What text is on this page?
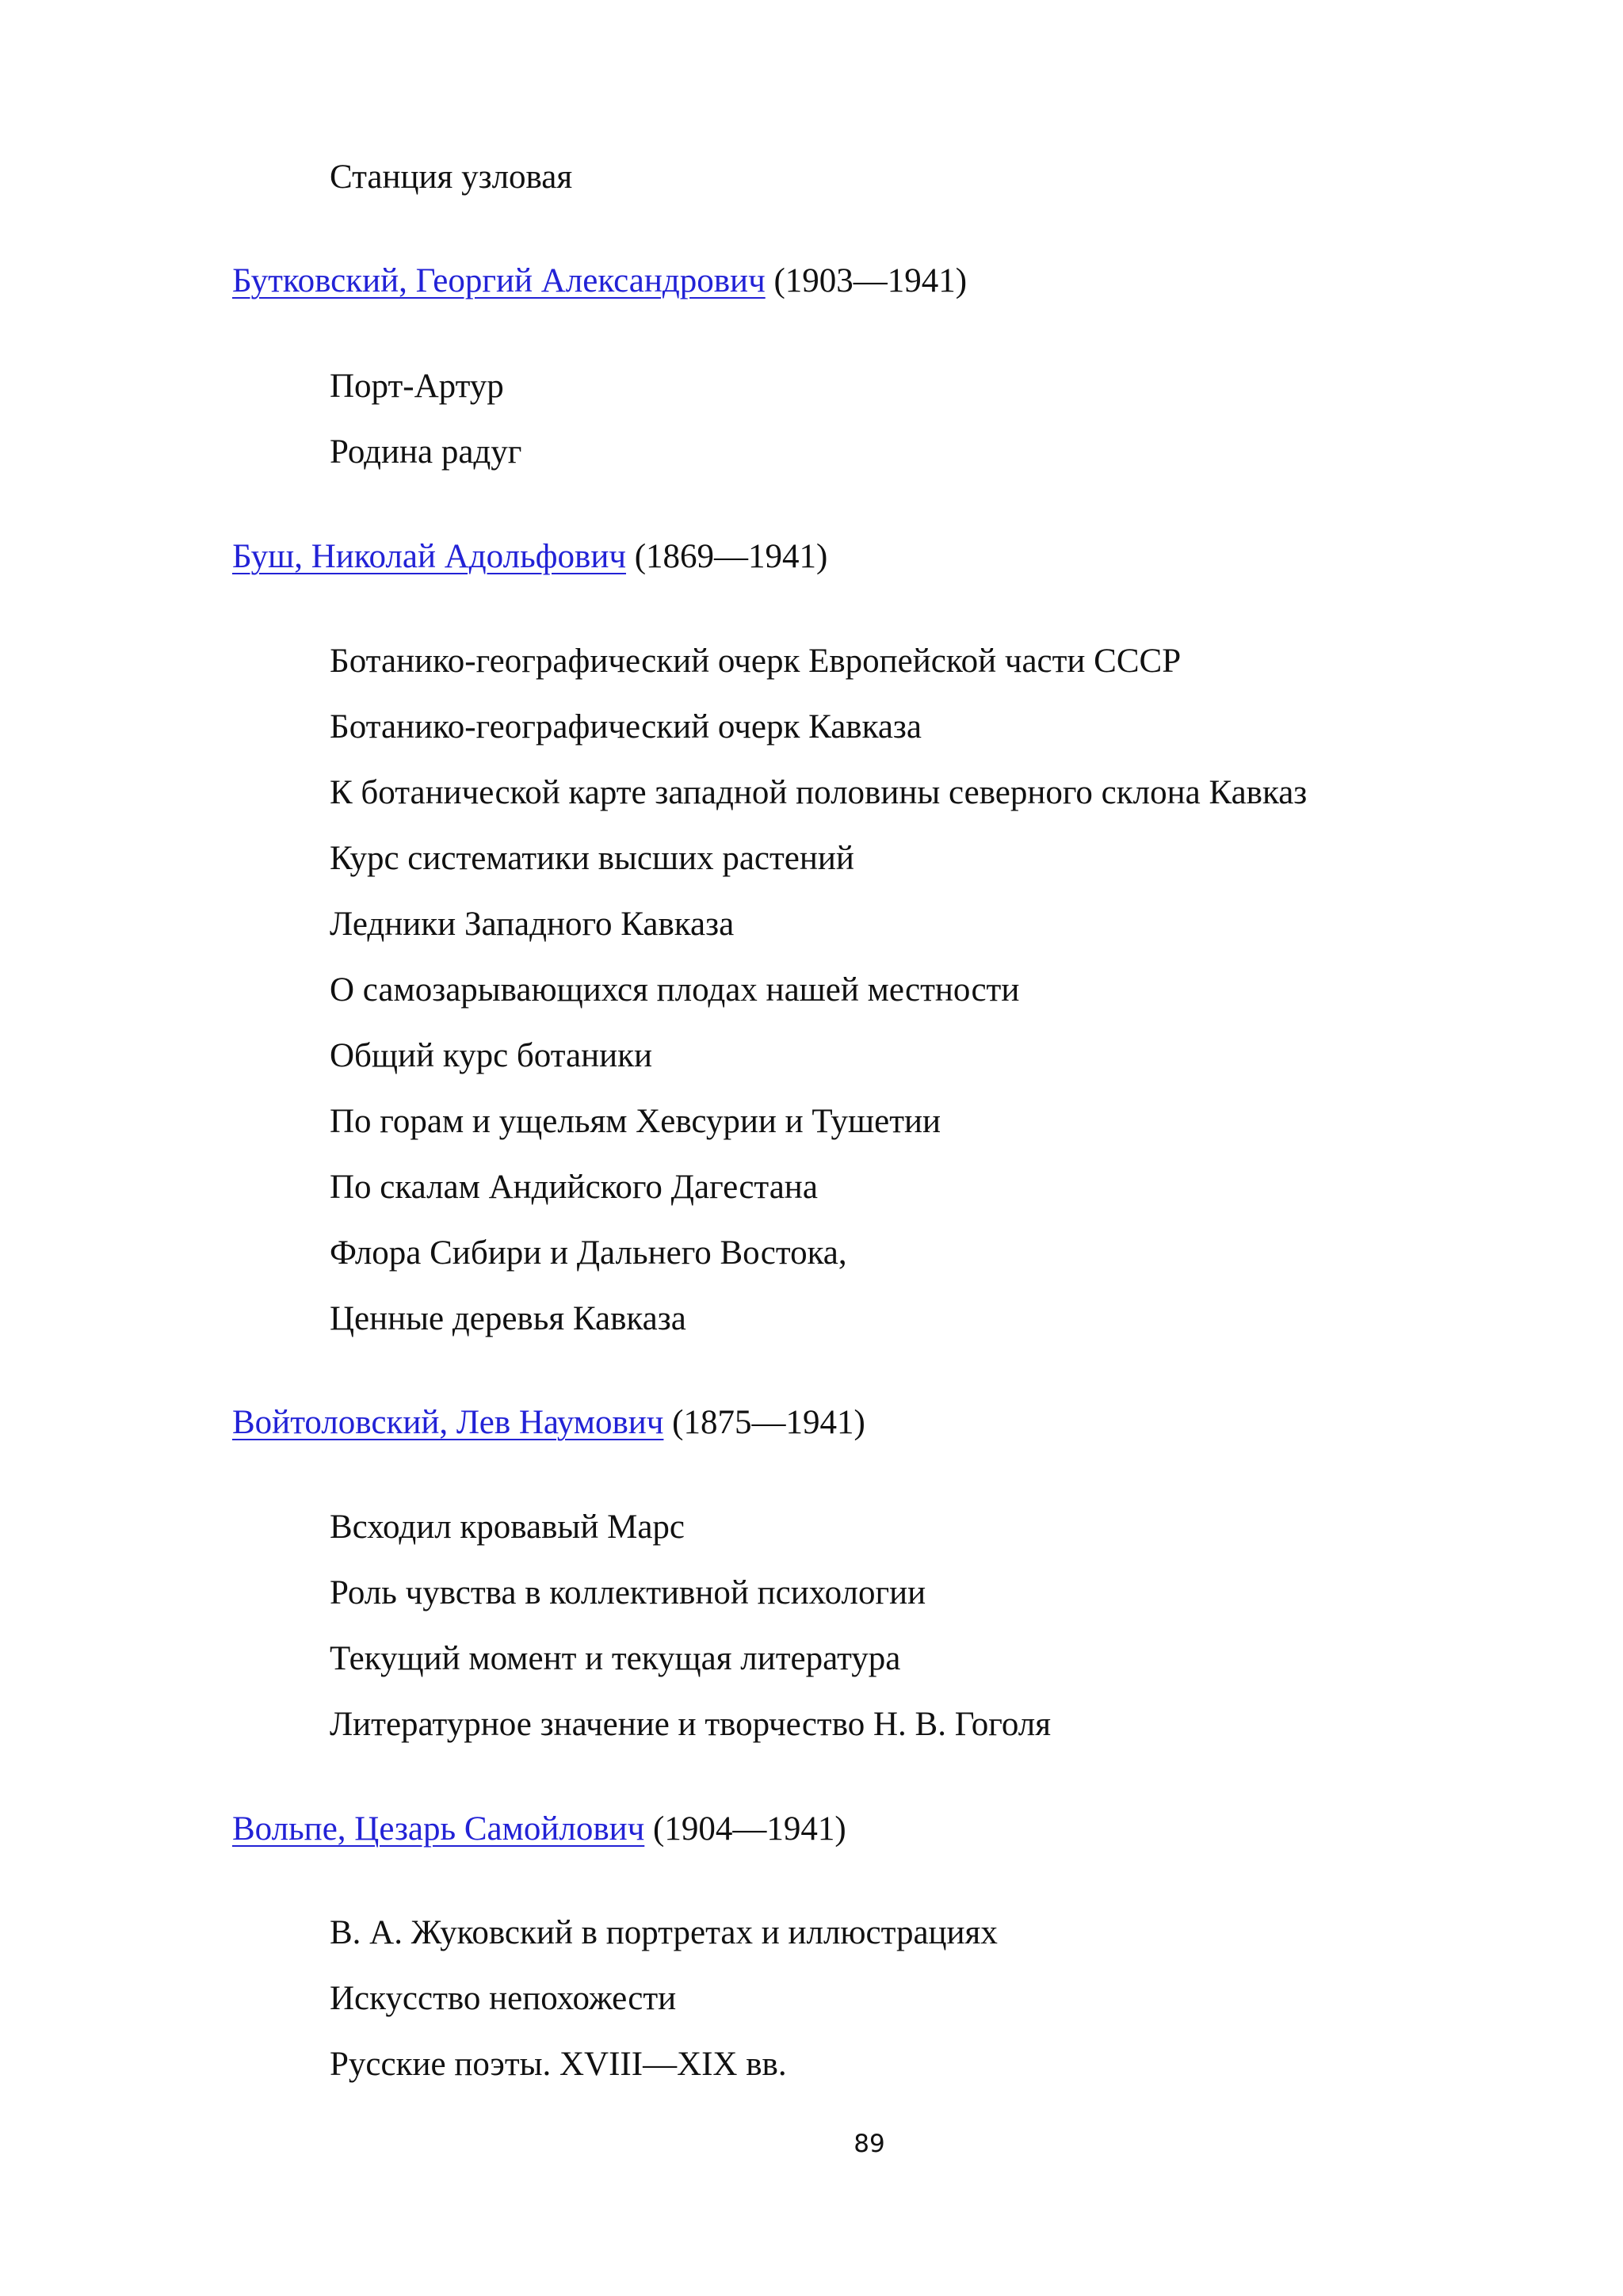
Станция узловая

Бутковский, Георгий Александрович (1903—1941)

Порт-Артур

Родина радуг

Буш, Николай Адольфович (1869—1941)

Ботанико-географический очерк Европейской части СССР

Ботанико-географический очерк Кавказа

К ботанической карте западной половины северного склона Кавказ

Курс систематики высших растений

Ледники Западного Кавказа

О самозарывающихся плодах нашей местности

Общий курс ботаники

По горам и ущельям Хевсурии и Тушетии

По скалам Андийского Дагестана

Флора Сибири и Дальнего Востока,

Ценные деревья Кавказа

Войтоловский, Лев Наумович (1875—1941)

Всходил кровавый Марс

Роль чувства в коллективной психологии

Текущий момент и текущая литература

Литературное значение и творчество Н. В. Гоголя

Вольпе, Цезарь Самойлович (1904—1941)

В. А. Жуковский в портретах и иллюстрациях

Искусство непохожести

Русские поэты. XVIII—XIX вв.

89
